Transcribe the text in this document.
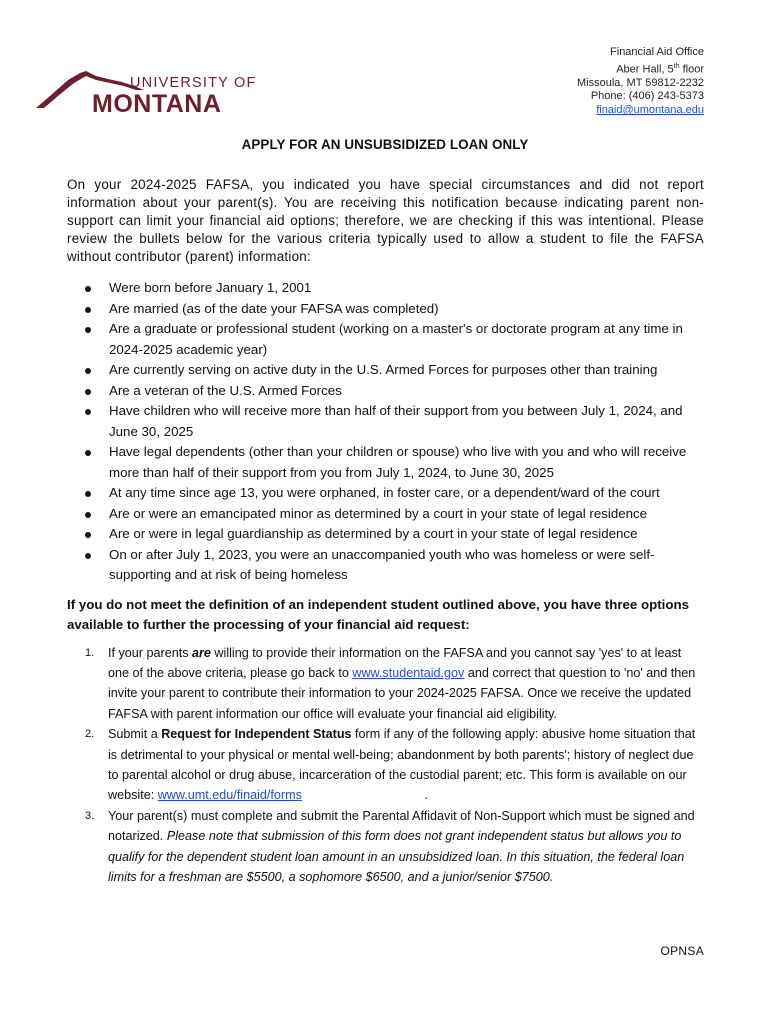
UNIVERSITY OF
MONTANA
Financial Aid Office
Aber Hall, 5th floor
Missoula, MT 59812-2232
Phone: (406) 243-5373
finaid@umontana.edu
APPLY FOR AN UNSUBSIDIZED LOAN ONLY

On your 2024-2025 FAFSA, you indicated you have special circumstances and did not report information about your parent(s). You are receiving this notification because indicating parent non-support can limit your financial aid options; therefore, we are checking if this was intentional. Please review the bullets below for the various criteria typically used to allow a student to file the FAFSA without contributor (parent) information:

Were born before January 1, 2001
Are married (as of the date your FAFSA was completed)
Are a graduate or professional student (working on a master's or doctorate program at any time in 2024-2025 academic year)
Are currently serving on active duty in the U.S. Armed Forces for purposes other than training
Are a veteran of the U.S. Armed Forces
Have children who will receive more than half of their support from you between July 1, 2024, and June 30, 2025
Have legal dependents (other than your children or spouse) who live with you and who will receive more than half of their support from you from July 1, 2024, to June 30, 2025
At any time since age 13, you were orphaned, in foster care, or a dependent/ward of the court
Are or were an emancipated minor as determined by a court in your state of legal residence
Are or were in legal guardianship as determined by a court in your state of legal residence
On or after July 1, 2023, you were an unaccompanied youth who was homeless or were self-supporting and at risk of being homeless

If you do not meet the definition of an independent student outlined above, you have three options available to further the processing of your financial aid request:

1. If your parents are willing to provide their information on the FAFSA and you cannot say 'yes' to at least one of the above criteria, please go back to www.studentaid.gov and correct that question to 'no' and then invite your parent to contribute their information to your 2024-2025 FAFSA. Once we receive the updated FAFSA with parent information our office will evaluate your financial aid eligibility.
2. Submit a Request for Independent Status form if any of the following apply: abusive home situation that is detrimental to your physical or mental well-being; abandonment by both parents'; history of neglect due to parental alcohol or drug abuse, incarceration of the custodial parent; etc. This form is available on our website: www.umt.edu/finaid/forms                                   .
3. Your parent(s) must complete and submit the Parental Affidavit of Non-Support which must be signed and notarized. Please note that submission of this form does not grant independent status but allows you to qualify for the dependent student loan amount in an unsubsidized loan. In this situation, the federal loan limits for a freshman are $5500, a sophomore $6500, and a junior/senior $7500.
OPNSA
